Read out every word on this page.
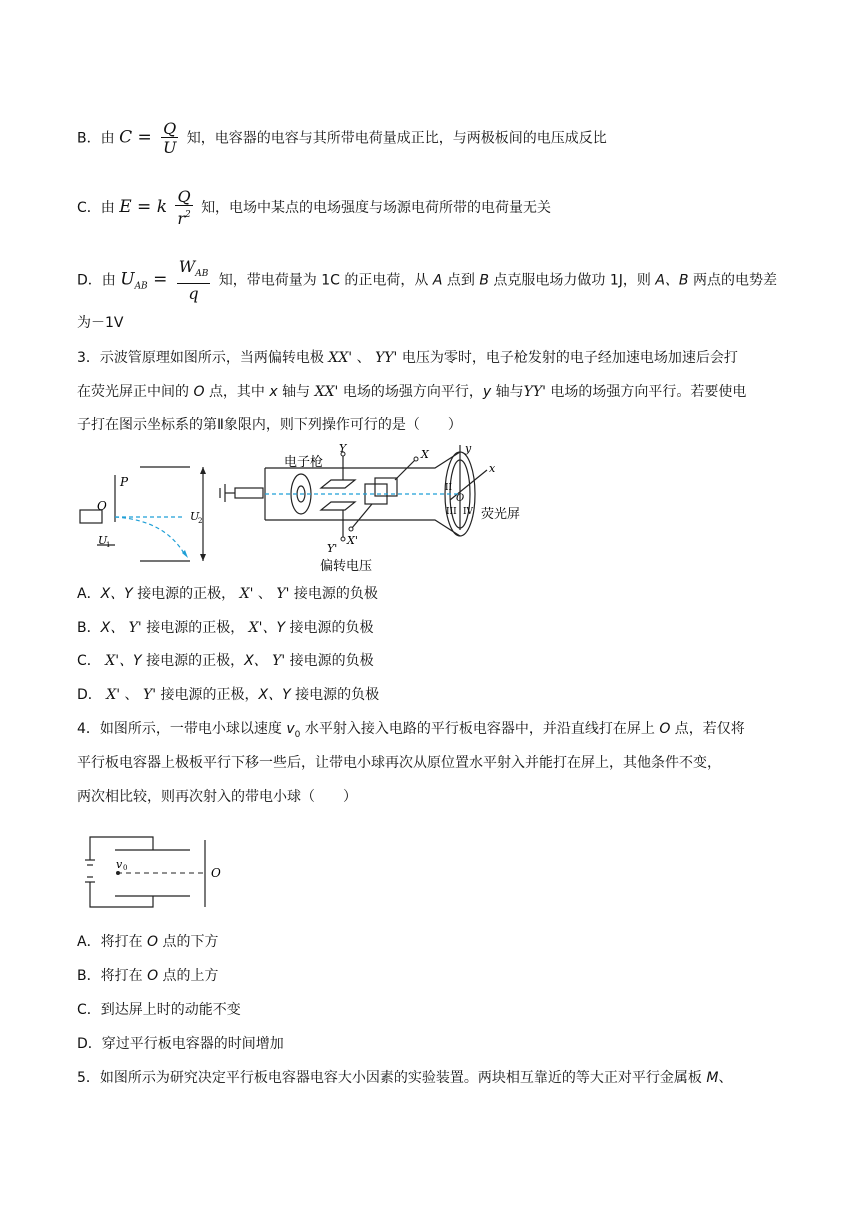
B．由 $C = \frac{Q}{U}$ 知，电容器的电容与其所带电荷量成正比，与两极板间的电压成反比
C．由 E = k $\frac{Q}{r^2}$ 知，电场中某点的电场强度与场源电荷所带的电荷量无关
D．由 $U_{AB} = \frac{W_{AB}}{q}$ 知，带电荷量为 1C 的正电荷，从 A 点到 B 点克服电场力做功 1J，则 A、B 两点的电势差
为－1V
3．示波管原理如图所示，当两偏转电极 XX' 、 YY' 电压为零时，电子枪发射的电子经加速电场加速后会打
在荧光屏正中间的 O 点，其中 x 轴与 XX' 电场的场强方向平行，y 轴与YY' 电场的场强方向平行。若要使电
子打在图示坐标系的第Ⅱ象限内，则下列操作可行的是（　　）
P
O
U
1
U
2
电子枪
Y
Y'
X
X'
偏转电压
荧光屏
x
y
O
II
III IV
A．X、Y 接电源的正极， X' 、 Y' 接电源的负极
B．X、 Y' 接电源的正极， X'、Y 接电源的负极
C． X'、Y 接电源的正极，X、 Y' 接电源的负极
D． X' 、 Y' 接电源的正极，X、Y 接电源的负极
4．如图所示，一带电小球以速度 $v_0$ 水平射入接入电路的平行板电容器中，并沿直线打在屏上 O 点，若仅将
平行板电容器上极板平行下移一些后，让带电小球再次从原位置水平射入并能打在屏上，其他条件不变，
两次相比较，则再次射入的带电小球（　　）
v 0	O
A．将打在 O 点的下方
B．将打在 O 点的上方
C．到达屏上时的动能不变
D．穿过平行板电容器的时间增加
5．如图所示为研究决定平行板电容器电容大小因素的实验装置。两块相互靠近的等大正对平行金属板 M、
